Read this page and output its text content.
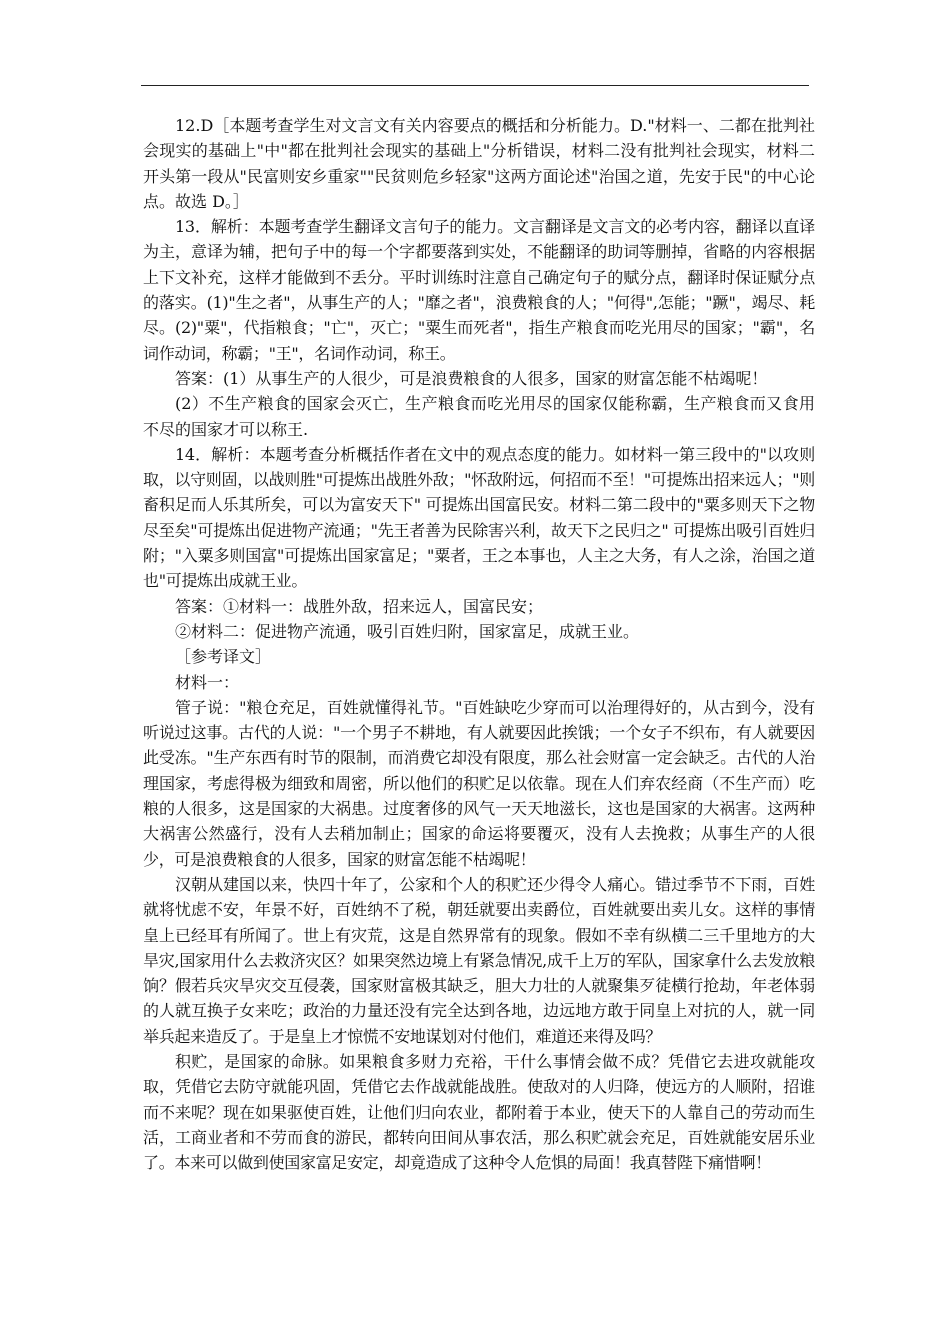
12.D［本题考查学生对文言文有关内容要点的概括和分析能力。D."材料一、二都在批判社会现实的基础上"中"都在批判社会现实的基础上"分析错误，材料二没有批判社会现实，材料二开头第一段从"民富则安乡重家""民贫则危乡轻家"这两方面论述"治国之道，先安于民"的中心论点。故选 D。］

13．解析：本题考查学生翻译文言句子的能力。文言翻译是文言文的必考内容，翻译以直译为主，意译为辅，把句子中的每一个字都要落到实处，不能翻译的助词等删掉，省略的内容根据上下文补充，这样才能做到不丢分。平时训练时注意自己确定句子的赋分点，翻译时保证赋分点的落实。(1)"生之者"，从事生产的人；"靡之者"，浪费粮食的人；"何得",怎能；"蹶"，竭尽、耗尽。(2)"粟"，代指粮食；"亡"，灭亡；"粟生而死者"，指生产粮食而吃光用尽的国家；"霸"，名词作动词，称霸；"王"，名词作动词，称王。

答案：(1）从事生产的人很少，可是浪费粮食的人很多，国家的财富怎能不枯竭呢！

(2）不生产粮食的国家会灭亡，生产粮食而吃光用尽的国家仅能称霸，生产粮食而又食用不尽的国家才可以称王.

14．解析：本题考查分析概括作者在文中的观点态度的能力。如材料一第三段中的"以攻则取，以守则固，以战则胜"可提炼出战胜外敌；"怀敌附远，何招而不至！"可提炼出招来远人；"则畜积足而人乐其所矣，可以为富安天下" 可提炼出国富民安。材料二第二段中的"粟多则天下之物尽至矣"可提炼出促进物产流通；"先王者善为民除害兴利，故天下之民归之" 可提炼出吸引百姓归附；"入粟多则国富"可提炼出国家富足；"粟者，王之本事也，人主之大务，有人之涂，治国之道也"可提炼出成就王业。

答案：①材料一：战胜外敌，招来远人，国富民安；

②材料二：促进物产流通，吸引百姓归附，国家富足，成就王业。

［参考译文］

材料一：

管子说："粮仓充足，百姓就懂得礼节。"百姓缺吃少穿而可以治理得好的，从古到今，没有听说过这事。古代的人说："一个男子不耕地，有人就要因此挨饿；一个女子不织布，有人就要因此受冻。"生产东西有时节的限制，而消费它却没有限度，那么社会财富一定会缺乏。古代的人治理国家，考虑得极为细致和周密，所以他们的积贮足以依靠。现在人们弃农经商（不生产而）吃粮的人很多，这是国家的大祸患。过度奢侈的风气一天天地滋长，这也是国家的大祸害。这两种大祸害公然盛行，没有人去稍加制止；国家的命运将要覆灭，没有人去挽救；从事生产的人很少，可是浪费粮食的人很多，国家的财富怎能不枯竭呢！

汉朝从建国以来，快四十年了，公家和个人的积贮还少得令人痛心。错过季节不下雨，百姓就将忧虑不安，年景不好，百姓纳不了税，朝廷就要出卖爵位，百姓就要出卖儿女。这样的事情皇上已经耳有所闻了。世上有灾荒，这是自然界常有的现象。假如不幸有纵横二三千里地方的大旱灾,国家用什么去救济灾区？如果突然边境上有紧急情况,成千上万的军队，国家拿什么去发放粮饷？假若兵灾旱灾交互侵袭，国家财富极其缺乏，胆大力壮的人就聚集歹徒横行抢劫，年老体弱的人就互换子女来吃；政治的力量还没有完全达到各地，边远地方敢于同皇上对抗的人，就一同举兵起来造反了。于是皇上才惊慌不安地谋划对付他们，难道还来得及吗？

积贮，是国家的命脉。如果粮食多财力充裕，干什么事情会做不成？凭借它去进攻就能攻取，凭借它去防守就能巩固，凭借它去作战就能战胜。使敌对的人归降，使远方的人顺附，招谁而不来呢？现在如果驱使百姓，让他们归向农业，都附着于本业，使天下的人靠自己的劳动而生活，工商业者和不劳而食的游民，都转向田间从事农活，那么积贮就会充足，百姓就能安居乐业了。本来可以做到使国家富足安定，却竟造成了这种令人危惧的局面！我真替陛下痛惜啊！
